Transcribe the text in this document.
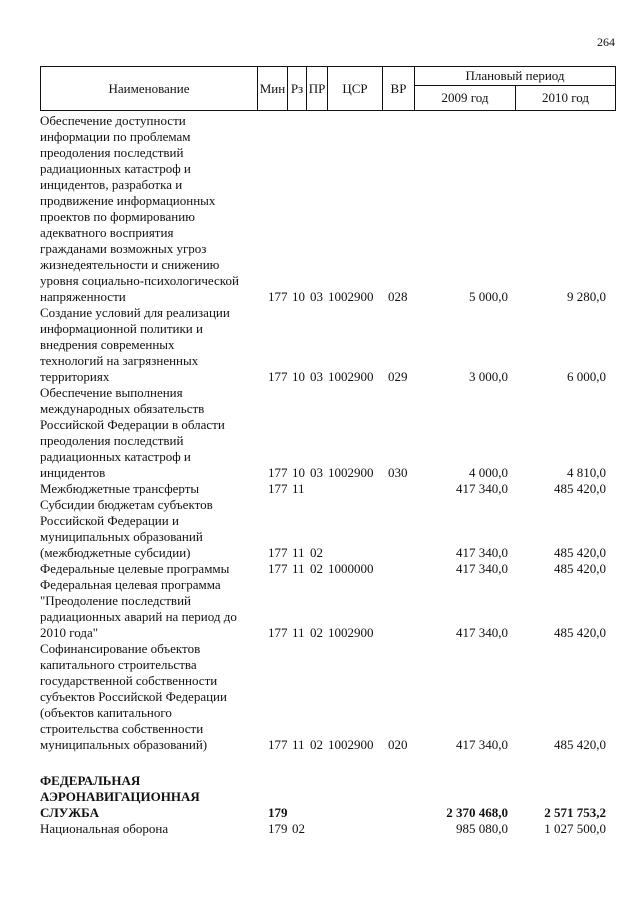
264
Наименование	Мин Рз ПР	ЦСР	ВР
Плановый период
2009 год	2010 год
Обеспечение доступности
информации по проблемам
преодоления последствий
радиационных катастроф и
инцидентов, разработка и
продвижение информационных
проектов по формированию
адекватного восприятия
гражданами возможных угроз
жизнедеятельности и снижению
уровня социально-психологической
напряженности	177 10 03 1002900 028	5 000,0	9 280,0
Создание условий для реализации
информационной политики и
внедрения современных
технологий на загрязненных
территориях	177 10 03 1002900 029	3 000,0	6 000,0
Обеспечение выполнения
международных обязательств
Российской Федерации в области
преодоления последствий
радиационных катастроф и
инцидентов	177 10 03 1002900 030	4 000,0	4 810,0
Межбюджетные трансферты	177 11	417 340,0	485 420,0
Субсидии бюджетам субъектов
Российской Федерации и
муниципальных образований
(межбюджетные субсидии)	177 11 02	417 340,0	485 420,0
Федеральные целевые программы	177 11 02 1000000	417 340,0	485 420,0
Федеральная целевая программа
"Преодоление последствий
радиационных аварий на период до
2010 года"	177 11 02 1002900	417 340,0	485 420,0
Софинансирование объектов
капитального строительства
государственной собственности
субъектов Российской Федерации
(объектов капитального
строительства собственности
муниципальных образований)	177 11 02 1002900 020	417 340,0	485 420,0
ФЕДЕРАЛЬНАЯ
АЭРОНАВИГАЦИОННАЯ
СЛУЖБА	179	2 370 468,0	2 571 753,2
Национальная оборона	179 02	985 080,0	1 027 500,0
